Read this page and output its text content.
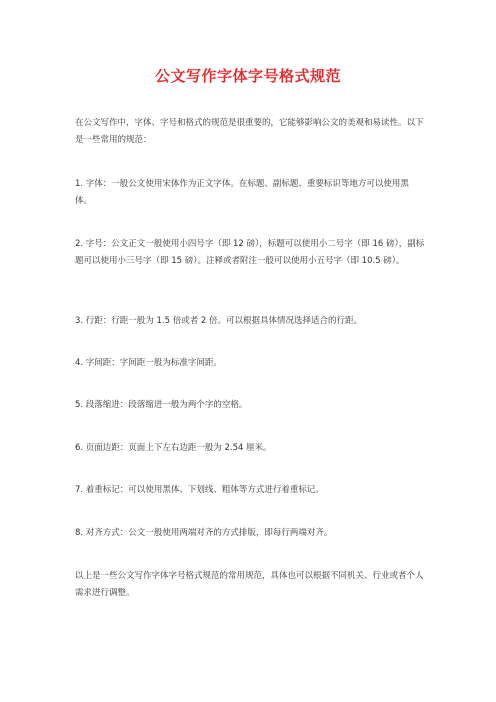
公文写作字体字号格式规范

在公文写作中，字体、字号和格式的规范是很重要的，它能够影响公文的美观和易读性。以下是一些常用的规范：

1. 字体：一般公文使用宋体作为正文字体。在标题、副标题、重要标识等地方可以使用黑体。

2. 字号：公文正文一般使用小四号字（即 12 磅），标题可以使用小二号字（即 16 磅），副标题可以使用小三号字（即 15 磅）。注释或者附注一般可以使用小五号字（即 10.5 磅）。

3. 行距：行距一般为 1.5 倍或者 2 倍。可以根据具体情况选择适合的行距。

4. 字间距：字间距一般为标准字间距。

5. 段落缩进：段落缩进一般为两个字的空格。

6. 页面边距：页面上下左右边距一般为 2.54 厘米。

7. 着重标记：可以使用黑体、下划线、粗体等方式进行着重标记。

8. 对齐方式：公文一般使用两端对齐的方式排版，即每行两端对齐。

以上是一些公文写作字体字号格式规范的常用规范，具体也可以根据不同机关、行业或者个人需求进行调整。
